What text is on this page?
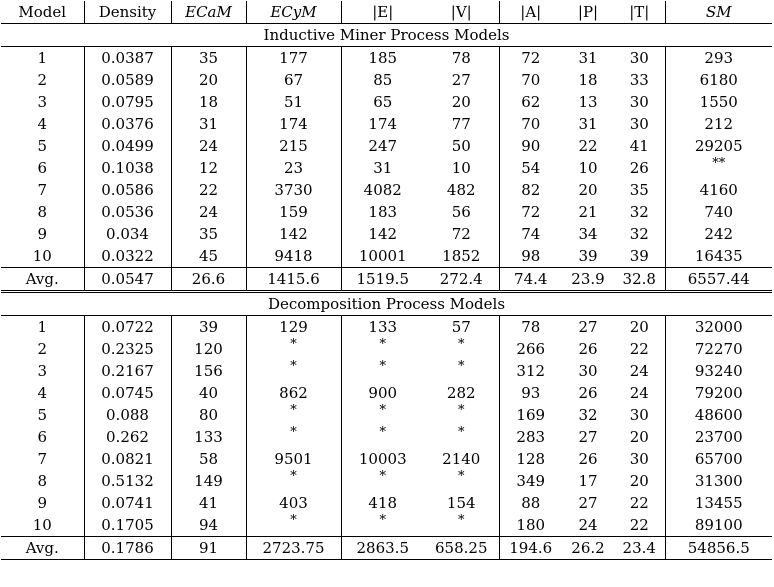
Model	Density	ECaM	ECyM	|E|	|V|	|A|	|P|	|T|	SM
Inductive Miner Process Models									
1	0.0387	35	177	185	78	72	31	30	293
2	0.0589	20	67	85	27	70	18	33	6180
3	0.0795	18	51	65	20	62	13	30	1550
4	0.0376	31	174	174	77	70	31	30	212
5	0.0499	24	215	247	50	90	22	41	29205
6	0.1038	12	23	31	10	54	10	26	**
7	0.0586	22	3730	4082	482	82	20	35	4160
8	0.0536	24	159	183	56	72	21	32	740
9	0.034	35	142	142	72	74	34	32	242
10	0.0322	45	9418	10001	1852	98	39	39	16435
Avg.	0.0547	26.6	1415.6	1519.5	272.4	74.4	23.9	32.8	6557.44
Decomposition Process Models									
1	0.0722	39	129	133	57	78	27	20	32000
2	0.2325	120	*	*	*	266	26	22	72270
3	0.2167	156	*	*	*	312	30	24	93240
4	0.0745	40	862	900	282	93	26	24	79200
5	0.088	80	*	*	*	169	32	30	48600
6	0.262	133	*	*	*	283	27	20	23700
7	0.0821	58	9501	10003	2140	128	26	30	65700
8	0.5132	149	*	*	*	349	17	20	31300
9	0.0741	41	403	418	154	88	27	22	13455
10	0.1705	94	*	*	*	180	24	22	89100
Avg.	0.1786	91	2723.75	2863.5	658.25	194.6	26.2	23.4	54856.5
